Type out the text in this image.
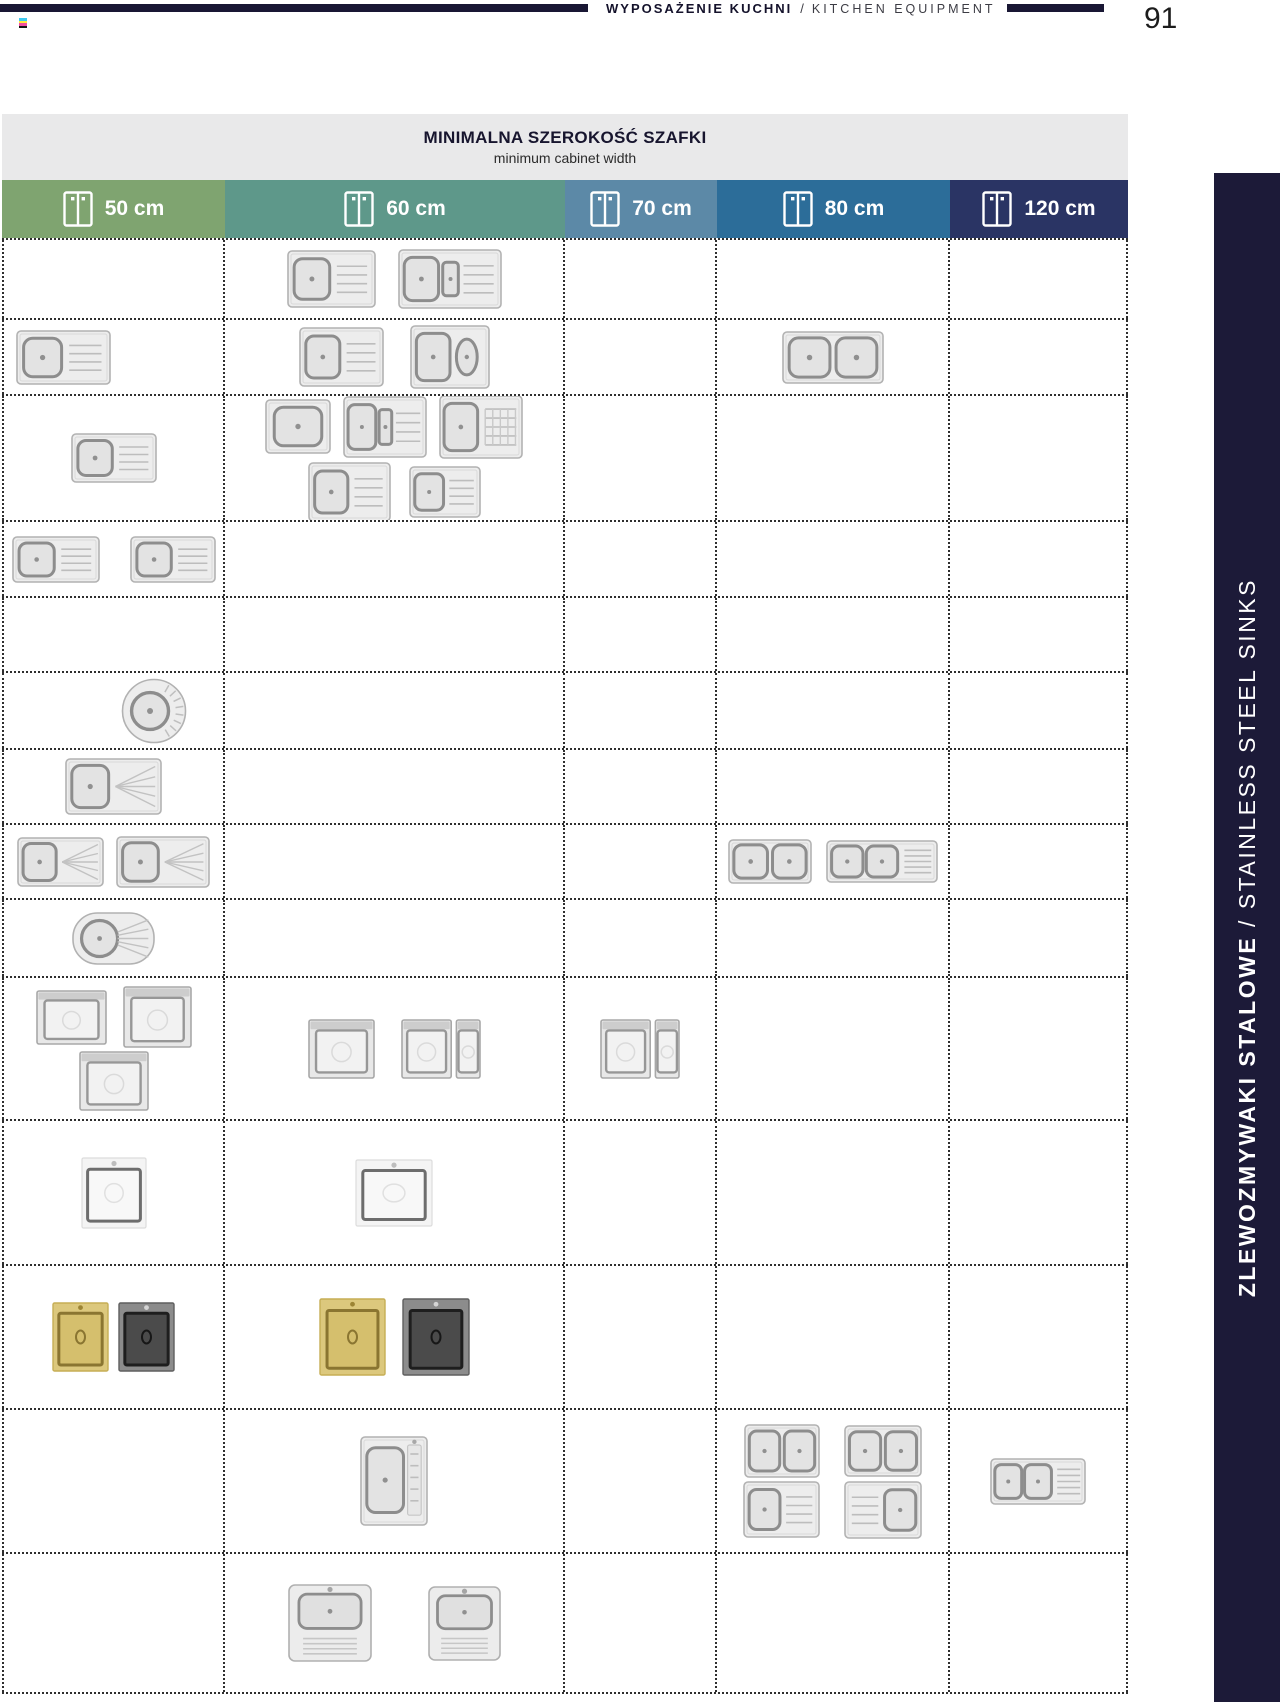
WYPOSAŻENIE KUCHNI / KITCHEN EQUIPMENT	91
MINIMALNA SZEROKOŚĆ SZAFKI
minimum cabinet width
50 cm	60 cm	70 cm	80 cm	120 cm
ZLEWOZMYWAKI STALOWE / STAINLESS STEEL SINKS
